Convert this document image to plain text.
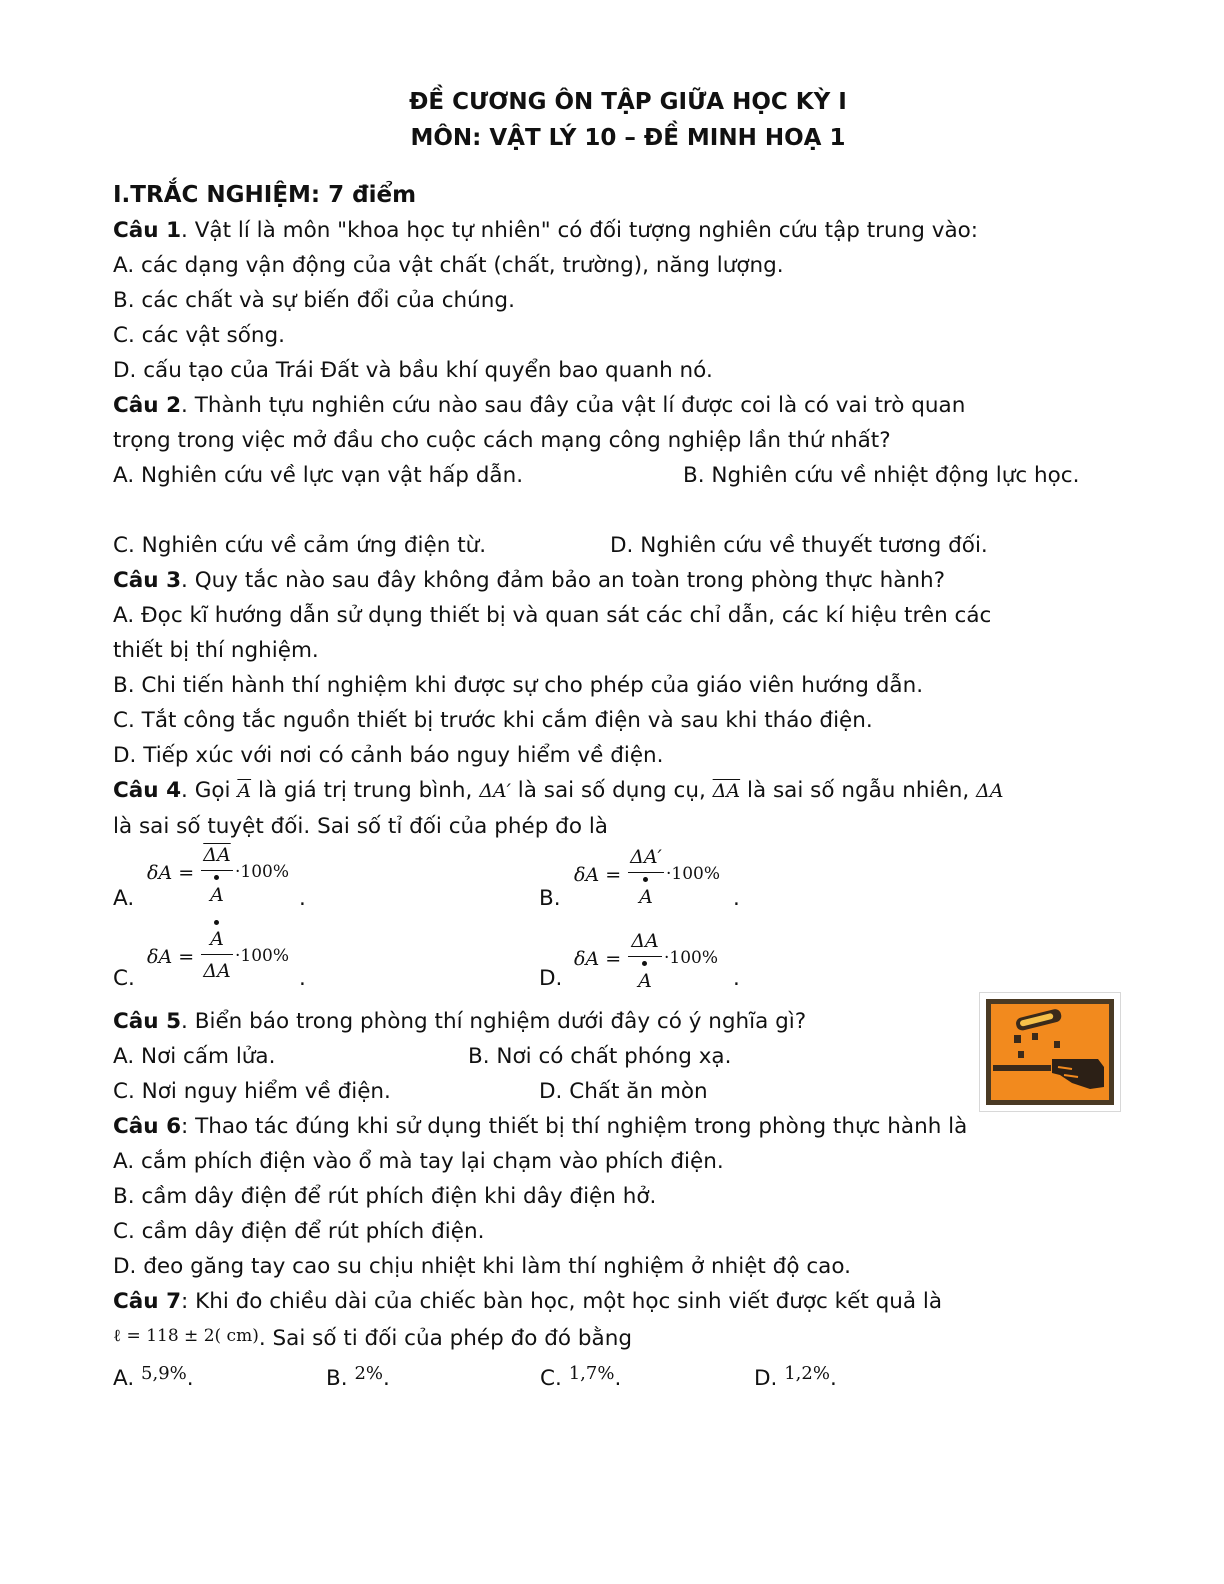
ĐỀ CƯƠNG ÔN TẬP GIỮA HỌC KỲ I

MÔN: VẬT LÝ 10 – ĐỀ MINH HOẠ 1

I.TRẮC NGHIỆM: 7 điểm
Câu 1. Vật lí là môn "khoa học tự nhiên" có đối tượng nghiên cứu tập trung vào:
A. các dạng vận động của vật chất (chất, trường), năng lượng.
B. các chất và sự biến đổi của chúng.
C. các vật sống.
D. cấu tạo của Trái Đất và bầu khí quyển bao quanh nó.
Câu 2. Thành tựu nghiên cứu nào sau đây của vật lí được coi là có vai trò quan
trọng trong việc mở đầu cho cuộc cách mạng công nghiệp lần thứ nhất?
A. Nghiên cứu về lực vạn vật hấp dẫn.	B. Nghiên cứu về nhiệt động lực học.
C. Nghiên cứu về cảm ứng điện từ.	D. Nghiên cứu về thuyết tương đối.
Câu 3. Quy tắc nào sau đây không đảm bảo an toàn trong phòng thực hành?
A. Đọc kĩ hướng dẫn sử dụng thiết bị và quan sát các chỉ dẫn, các kí hiệu trên các
thiết bị thí nghiệm.
B. Chi tiến hành thí nghiệm khi được sự cho phép của giáo viên hướng dẫn.
C. Tắt công tắc nguồn thiết bị trước khi cắm điện và sau khi tháo điện.
D. Tiếp xúc với nơi có cảnh báo nguy hiểm về điện.
Câu 4. Gọi $\overline{A}$ là giá trị trung bình, ΔA′ là sai số dụng cụ, $\overline{\Delta A}$ là sai số ngẫu nhiên, ΔA
là sai số tuyệt đối. Sai số tỉ đối của phép đo là
A.
δA =
$\overline{\Delta A}$
A
·100%
.	B.
δA =
ΔA′
A
·100%
.
C.
δA =
A
ΔA
·100%
.	D.
δA =
ΔA
A
·100%
.
Câu 5. Biển báo trong phòng thí nghiệm dưới đây có ý nghĩa gì?
A. Nơi cấm lửa.	B. Nơi có chất phóng xạ.
C. Nơi nguy hiểm về điện.	D. Chất ăn mòn
Câu 6: Thao tác đúng khi sử dụng thiết bị thí nghiệm trong phòng thực hành là
A. cắm phích điện vào ổ mà tay lại chạm vào phích điện.
B. cầm dây điện để rút phích điện khi dây điện hở.
C. cầm dây điện để rút phích điện.
D. đeo găng tay cao su chịu nhiệt khi làm thí nghiệm ở nhiệt độ cao.
Câu 7: Khi đo chiều dài của chiếc bàn học, một học sinh viết được kết quả là
ℓ = 118 ± 2( cm). Sai số ti đối của phép đo đó bằng
A. $^{5,9\%}$.	B. $^{2\%}$.	C. $^{1,7\%}$.	D. $^{1,2\%}$.
